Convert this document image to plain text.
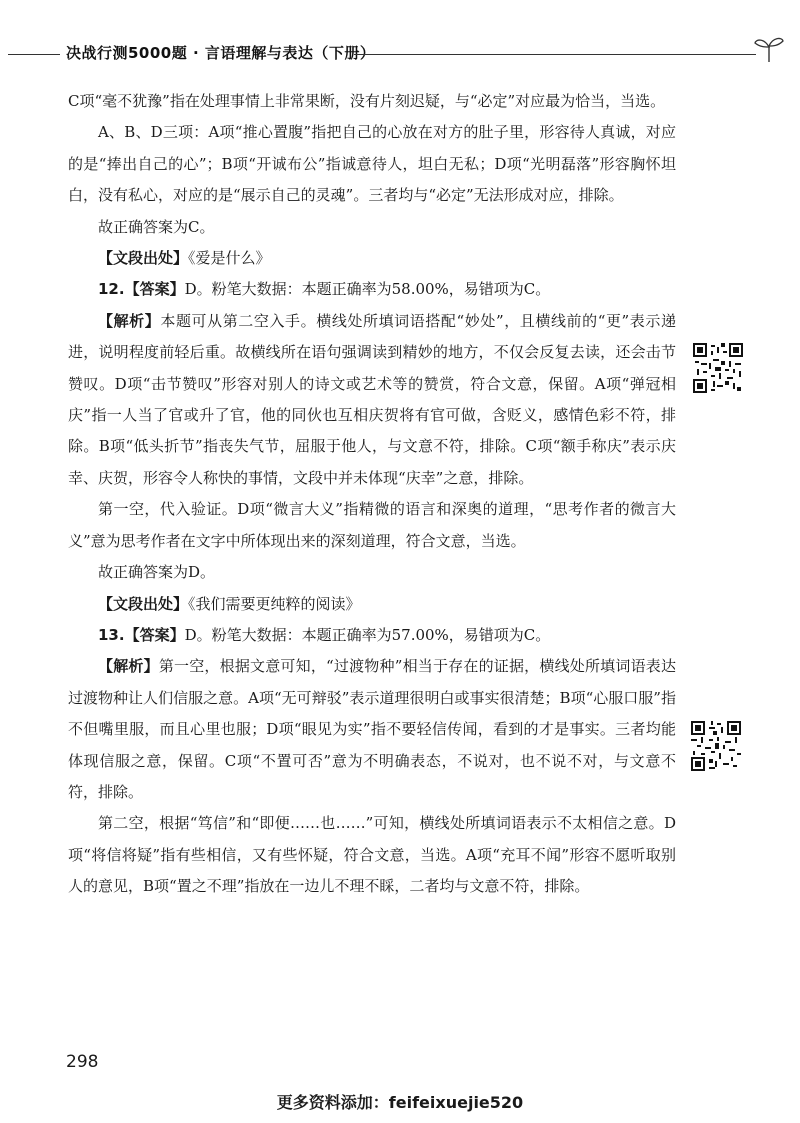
决战行测5000题 · 言语理解与表达（下册）

C项“毫不犹豫”指在处理事情上非常果断，没有片刻迟疑，与“必定”对应最为恰当，当选。

A、B、D三项：A项“推心置腹”指把自己的心放在对方的肚子里，形容待人真诚，对应的是“捧出自己的心”；B项“开诚布公”指诚意待人，坦白无私；D项“光明磊落”形容胸怀坦白，没有私心，对应的是“展示自己的灵魂”。三者均与“必定”无法形成对应，排除。

故正确答案为C。

【文段出处】《爱是什么》

12.【答案】D。粉笔大数据：本题正确率为58.00%，易错项为C。

【解析】本题可从第二空入手。横线处所填词语搭配“妙处”，且横线前的“更”表示递进，说明程度前轻后重。故横线所在语句强调读到精妙的地方，不仅会反复去读，还会击节赞叹。D项“击节赞叹”形容对别人的诗文或艺术等的赞赏，符合文意，保留。A项“弹冠相庆”指一人当了官或升了官，他的同伙也互相庆贺将有官可做，含贬义，感情色彩不符，排除。B项“低头折节”指丧失气节，屈服于他人，与文意不符，排除。C项“额手称庆”表示庆幸、庆贺，形容令人称快的事情，文段中并未体现“庆幸”之意，排除。

第一空，代入验证。D项“微言大义”指精微的语言和深奥的道理，“思考作者的微言大义”意为思考作者在文字中所体现出来的深刻道理，符合文意，当选。

故正确答案为D。

【文段出处】《我们需要更纯粹的阅读》

13.【答案】D。粉笔大数据：本题正确率为57.00%，易错项为C。

【解析】第一空，根据文意可知，“过渡物种”相当于存在的证据，横线处所填词语表达过渡物种让人们信服之意。A项“无可辩驳”表示道理很明白或事实很清楚；B项“心服口服”指不但嘴里服，而且心里也服；D项“眼见为实”指不要轻信传闻，看到的才是事实。三者均能体现信服之意，保留。C项“不置可否”意为不明确表态，不说对，也不说不对，与文意不符，排除。

第二空，根据“笃信”和“即便……也……”可知，横线处所填词语表示不太相信之意。D项“将信将疑”指有些相信，又有些怀疑，符合文意，当选。A项“充耳不闻”形容不愿听取别人的意见，B项“置之不理”指放在一边儿不理不睬，二者均与文意不符，排除。

298
更多资料添加：feifeixuejie520
